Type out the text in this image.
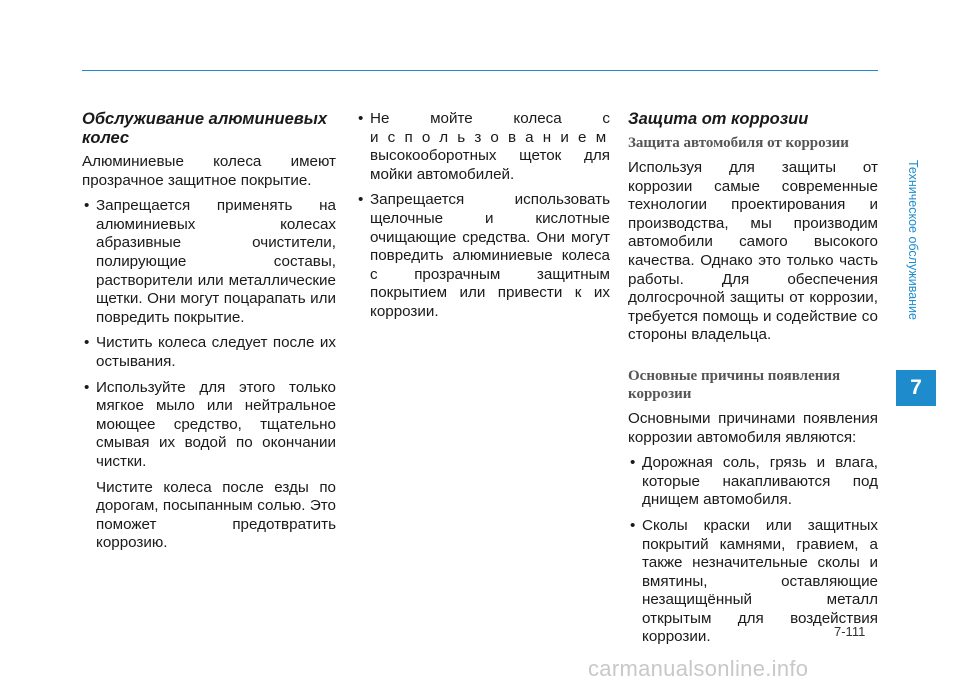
Обслуживание алюминиевых колес
Алюминиевые колеса имеют прозрачное защитное покрытие.
• Запрещается применять на алюминиевых колесах абразивные очистители, полирующие составы, растворители или металлические щетки. Они могут поцарапать или повредить покрытие.
• Чистить колеса следует после их остывания.
• Используйте для этого только мягкое мыло или нейтральное моющее средство, тщательно смывая их водой по окончании чистки.
Чистите колеса после езды по дорогам, посыпанным солью. Это поможет предотвратить коррозию.
• Не мойте колеса с
использованием
высокооборотных щеток для мойки автомобилей.
• Запрещается использовать щелочные и кислотные очищающие средства. Они могут повредить алюминиевые колеса с прозрачным защитным покрытием или привести к их коррозии.
Защита от коррозии
Защита автомобиля от коррозии
Используя для защиты от коррозии самые современные технологии проектирования и производства, мы производим автомобили самого высокого качества. Однако это только часть работы. Для обеспечения долгосрочной защиты от коррозии, требуется помощь и содействие со стороны владельца.
Основные причины появления коррозии
Основными причинами появления коррозии автомобиля являются:
• Дорожная соль, грязь и влага, которые накапливаются под днищем автомобиля.
• Сколы краски или защитных покрытий камнями, гравием, а также незначительные сколы и вмятины, оставляющие незащищённый металл открытым для воздействия коррозии.
Техническое обслуживание
7
7-111
carmanualsonline.info
